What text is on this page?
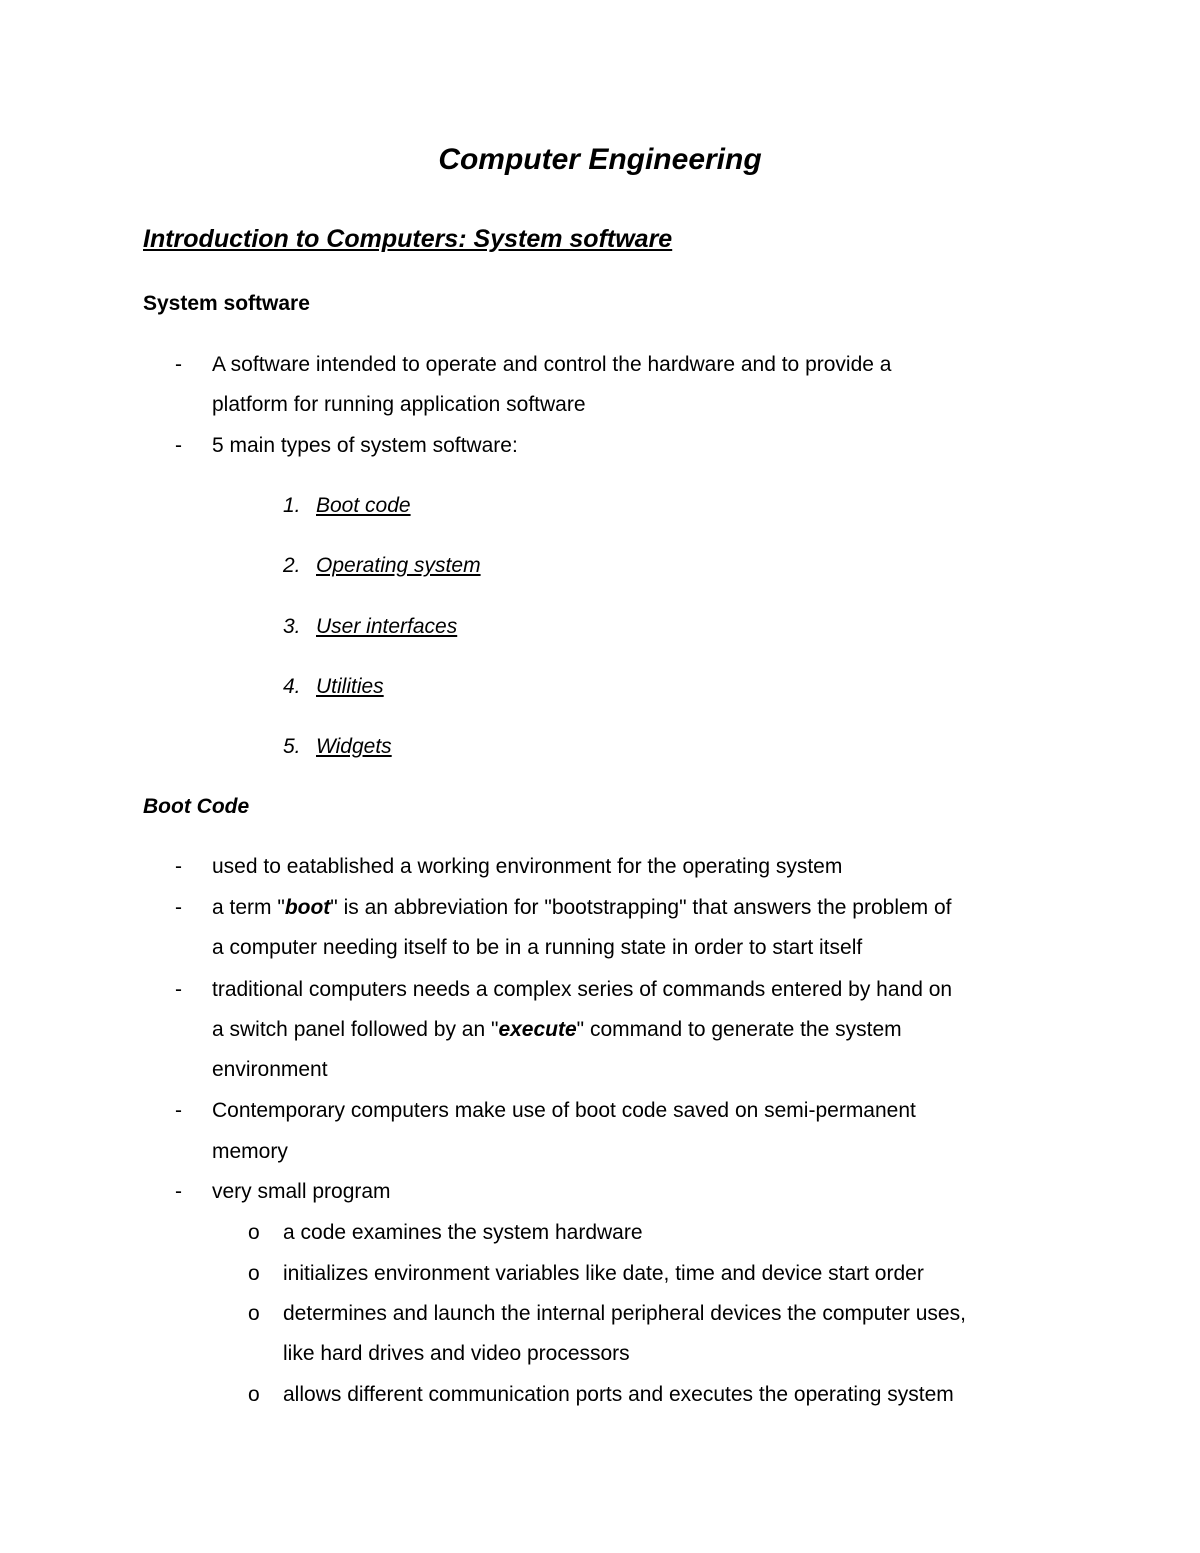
Computer Engineering
Introduction to Computers: System software
System software
- A software intended to operate and control the hardware and to provide a
platform for running application software
- 5 main types of system software:
1. Boot code
2. Operating system
3. User interfaces
4. Utilities
5. Widgets
Boot Code
- used to eatablished a working environment for the operating system
- a term "boot" is an abbreviation for "bootstrapping" that answers the problem of
a computer needing itself to be in a running state in order to start itself
- traditional computers needs a complex series of commands entered by hand on
a switch panel followed by an "execute" command to generate the system
environment
- Contemporary computers make use of boot code saved on semi-permanent
memory
- very small program
o a code examines the system hardware
o initializes environment variables like date, time and device start order
o determines and launch the internal peripheral devices the computer uses,
like hard drives and video processors
o allows different communication ports and executes the operating system
